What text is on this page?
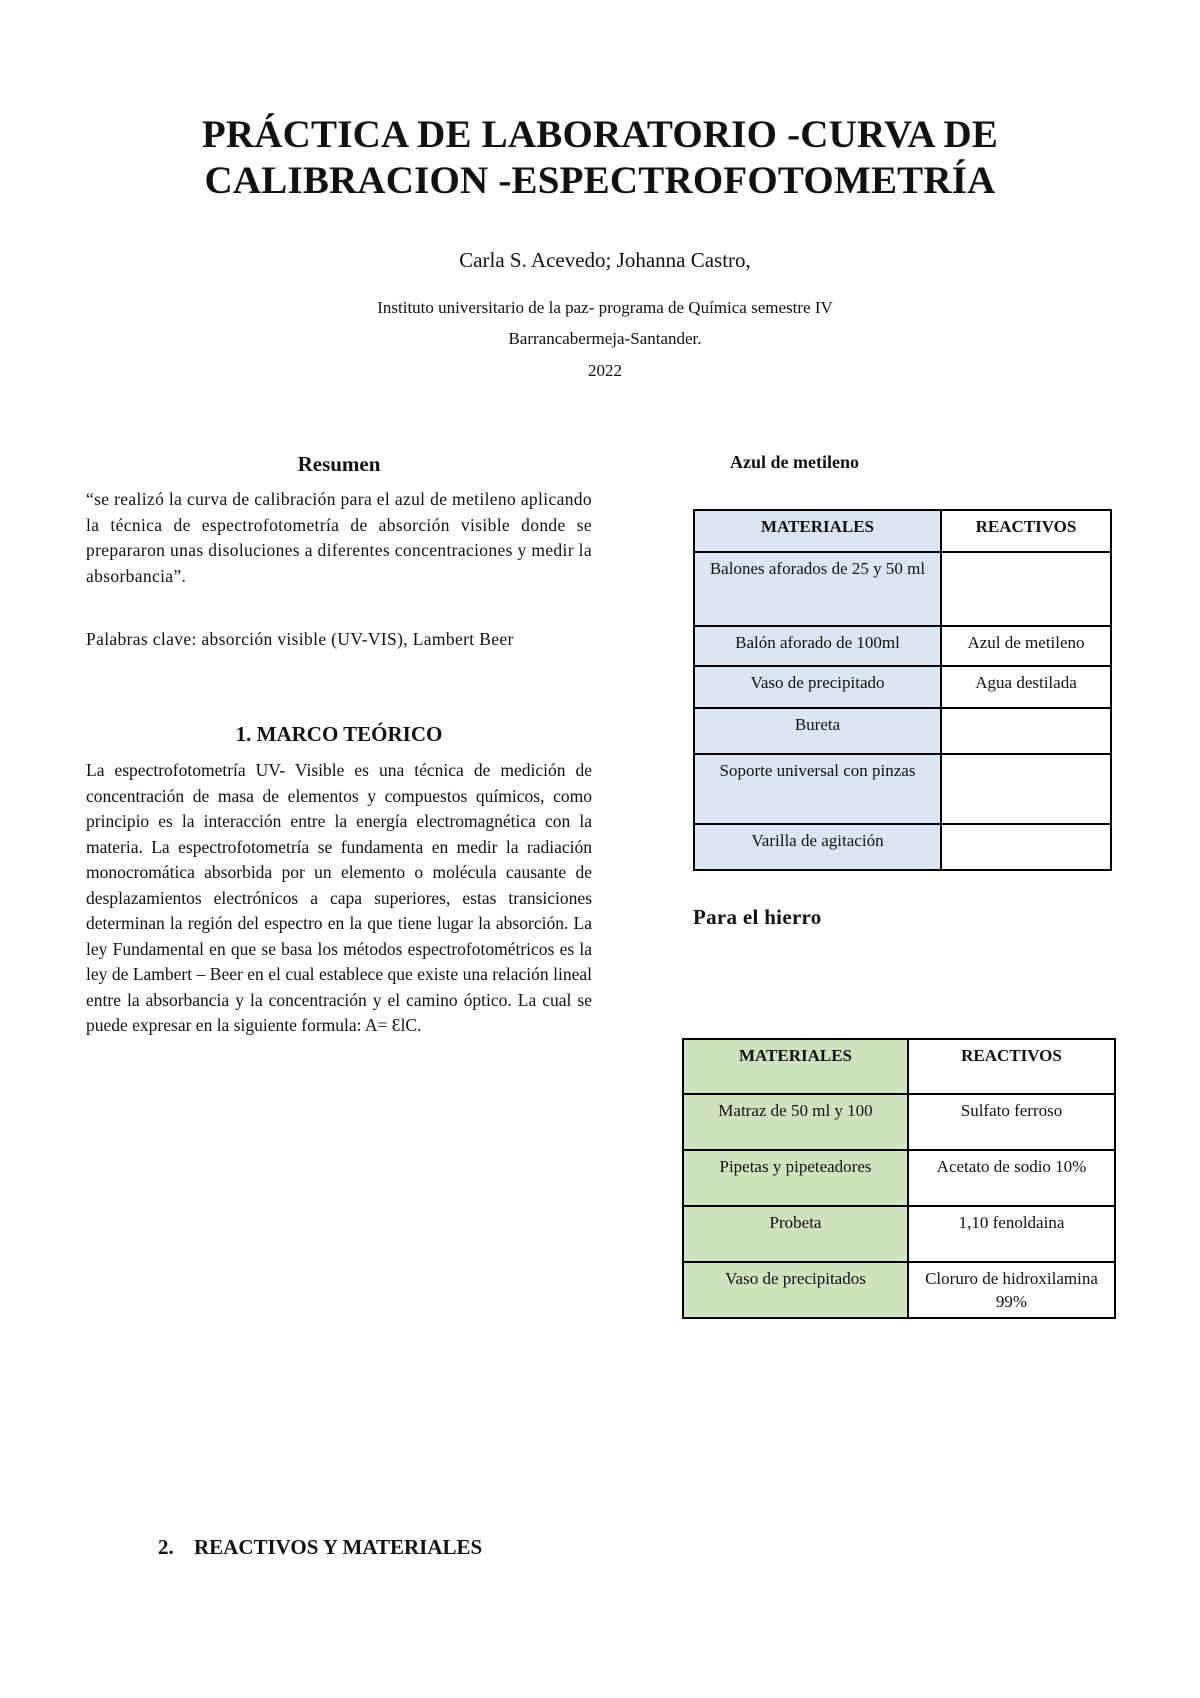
PRÁCTICA DE LABORATORIO -CURVA DE
CALIBRACION -ESPECTROFOTOMETRÍA
Carla S. Acevedo; Johanna Castro,
Instituto universitario de la paz- programa de Química semestre IV
Barrancabermeja-Santander.
2022
Resumen
“se realizó la curva de calibración para el azul de metileno aplicando la técnica de espectrofotometría de absorción visible donde se prepararon unas disoluciones a diferentes concentraciones y medir la absorbancia”.
Palabras clave: absorción visible (UV-VIS), Lambert Beer
1. MARCO TEÓRICO
La espectrofotometría UV- Visible es una técnica de medición de concentración de masa de elementos y compuestos químicos, como principio es la interacción entre la energía electromagnética con la materia. La espectrofotometría se fundamenta en medir la radiación monocromática absorbida por un elemento o molécula causante de desplazamientos electrónicos a capa superiores, estas transiciones determinan la región del espectro en la que tiene lugar la absorción. La ley Fundamental en que se basa los métodos espectrofotométricos es la ley de Lambert – Beer en el cual establece que existe una relación lineal entre la absorbancia y la concentración y el camino óptico. La cual se puede expresar en la siguiente formula: A= ƐlC.
2. REACTIVOS Y MATERIALES
Azul de metileno
MATERIALES	REACTIVOS
Balones aforados de 25 y 50 ml	
Balón aforado de 100ml	Azul de metileno
Vaso de precipitado	Agua destilada
Bureta	
Soporte universal con pinzas	
Varilla de agitación	
Para el hierro
MATERIALES	REACTIVOS
Matraz de 50 ml y 100	Sulfato ferroso
Pipetas y pipeteadores	Acetato de sodio 10%
Probeta	1,10 fenoldaina
Vaso de precipitados	Cloruro de hidroxilamina 99%
